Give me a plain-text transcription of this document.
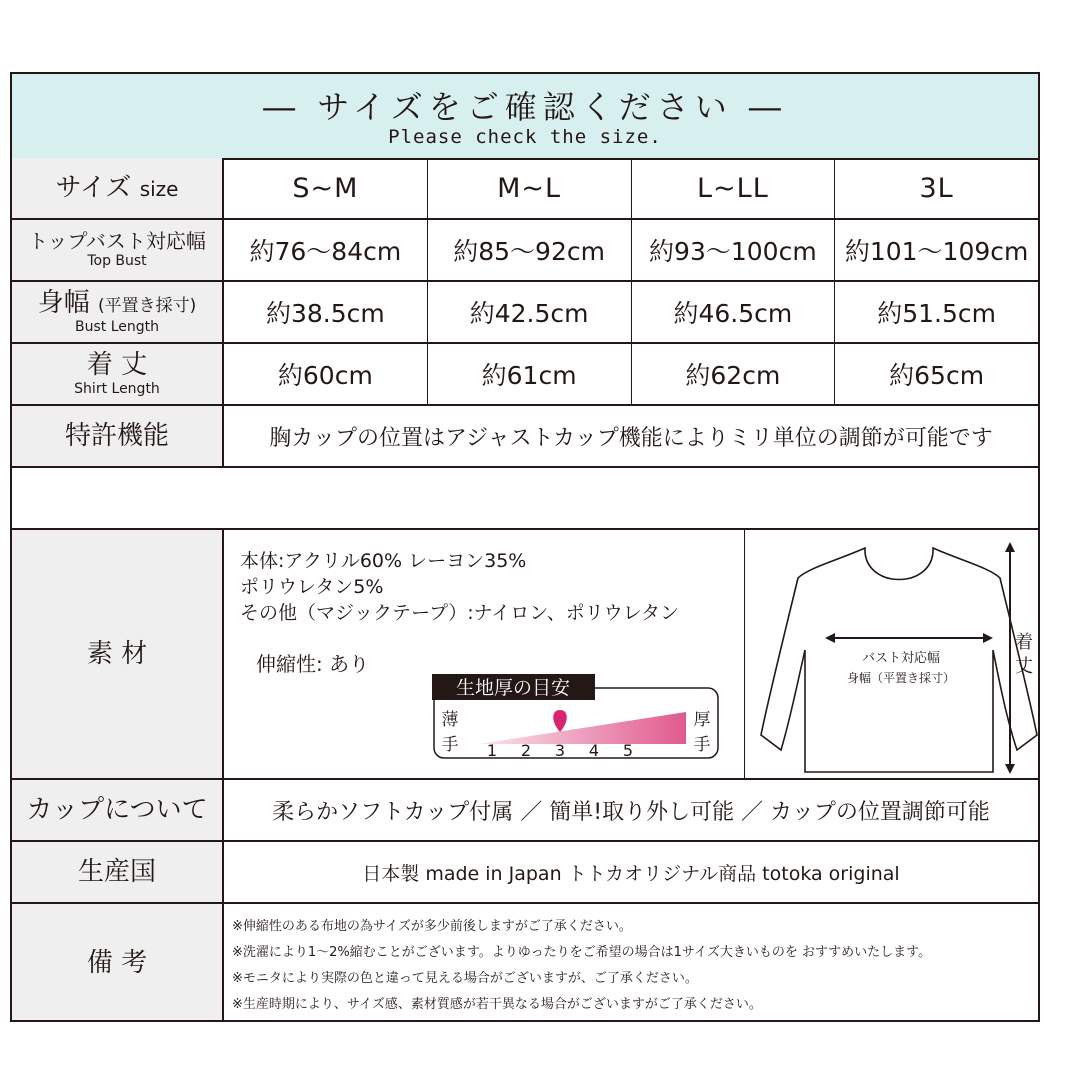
― サイズをご確認ください ―
Please check the size.
サイズ size	S~M	M~L	L~LL	3L
トップバスト対応幅
Top Bust	約76～84cm	約85～92cm	約93～100cm	約101～109cm
身幅 (平置き採寸)
Bust Length	約38.5cm	約42.5cm	約46.5cm	約51.5cm
着 丈
Shirt Length	約60cm	約61cm	約62cm	約65cm
特許機能	胸カップの位置はアジャストカップ機能によりミリ単位の調節が可能です
素 材
本体:アクリル60% レーヨン35%
ポリウレタン5%
その他（マジックテープ）:ナイロン、ポリウレタン
伸縮性: あり
生地厚の目安
薄
手
厚
手
1 2 3 4 5
バスト対応幅
身幅（平置き採寸）
着
丈
カップについて	柔らかソフトカップ付属 ／ 簡単!取り外し可能 ／ カップの位置調節可能
生産国	日本製 made in Japan トトカオリジナル商品 totoka original
備 考
※伸縮性のある布地の為サイズが多少前後しますがご了承ください。
※洗濯により1～2%縮むことがございます。よりゆったりをご希望の場合は1サイズ大きいものを おすすめいたします。
※モニタにより実際の色と違って見える場合がございますが、ご了承ください。
※生産時期により、サイズ感、素材質感が若干異なる場合がございますがご了承ください。
